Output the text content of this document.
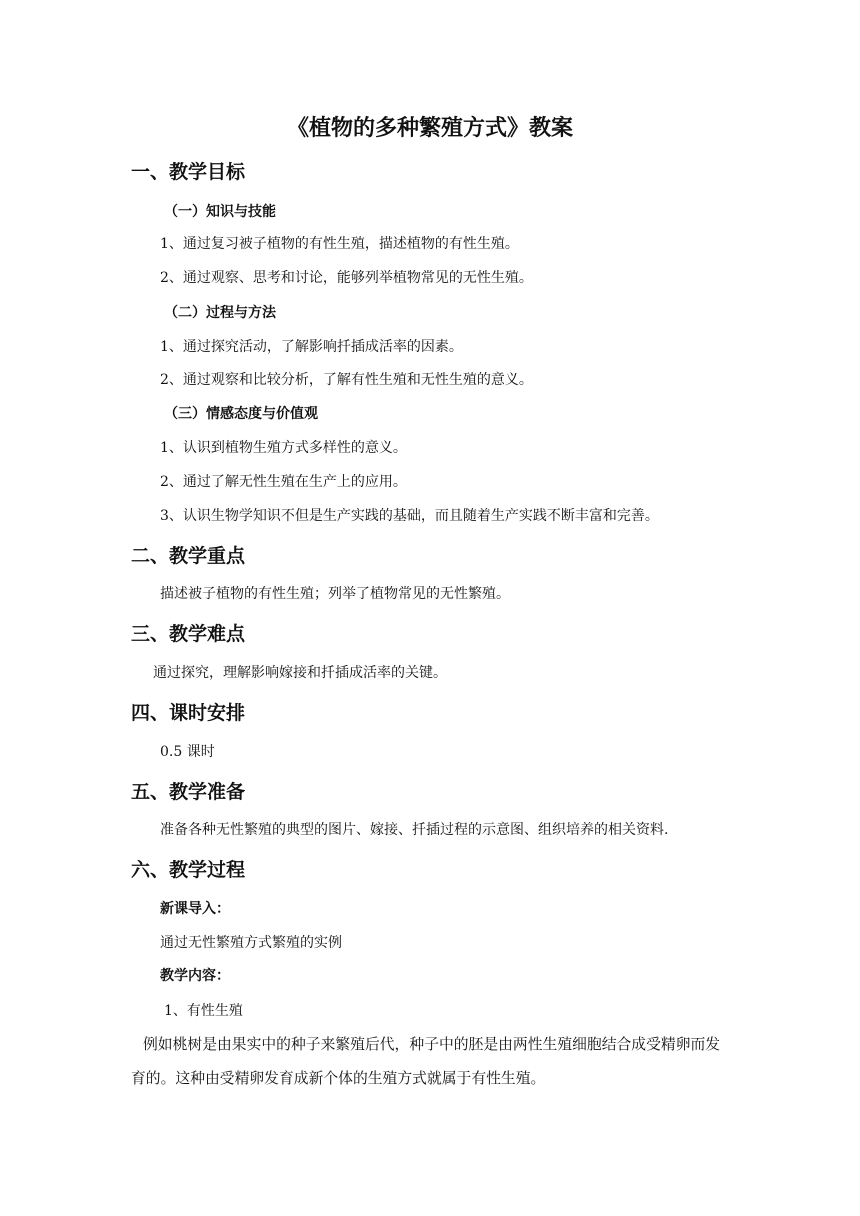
《植物的多种繁殖方式》教案
一、教学目标
（一）知识与技能
1、通过复习被子植物的有性生殖，描述植物的有性生殖。
2、通过观察、思考和讨论，能够列举植物常见的无性生殖。
（二）过程与方法
1、通过探究活动，了解影响扦插成活率的因素。
2、通过观察和比较分析，了解有性生殖和无性生殖的意义。
（三）情感态度与价值观
1、认识到植物生殖方式多样性的意义。
2、通过了解无性生殖在生产上的应用。
3、认识生物学知识不但是生产实践的基础，而且随着生产实践不断丰富和完善。
二、教学重点
描述被子植物的有性生殖；列举了植物常见的无性繁殖。
三、教学难点
通过探究，理解影响嫁接和扦插成活率的关键。
四、课时安排
0.5 课时
五、教学准备
准备各种无性繁殖的典型的图片、嫁接、扦插过程的示意图、组织培养的相关资料.
六、教学过程
新课导入：
通过无性繁殖方式繁殖的实例
教学内容：
1、有性生殖
例如桃树是由果实中的种子来繁殖后代，种子中的胚是由两性生殖细胞结合成受精卵而发
育的。这种由受精卵发育成新个体的生殖方式就属于有性生殖。
